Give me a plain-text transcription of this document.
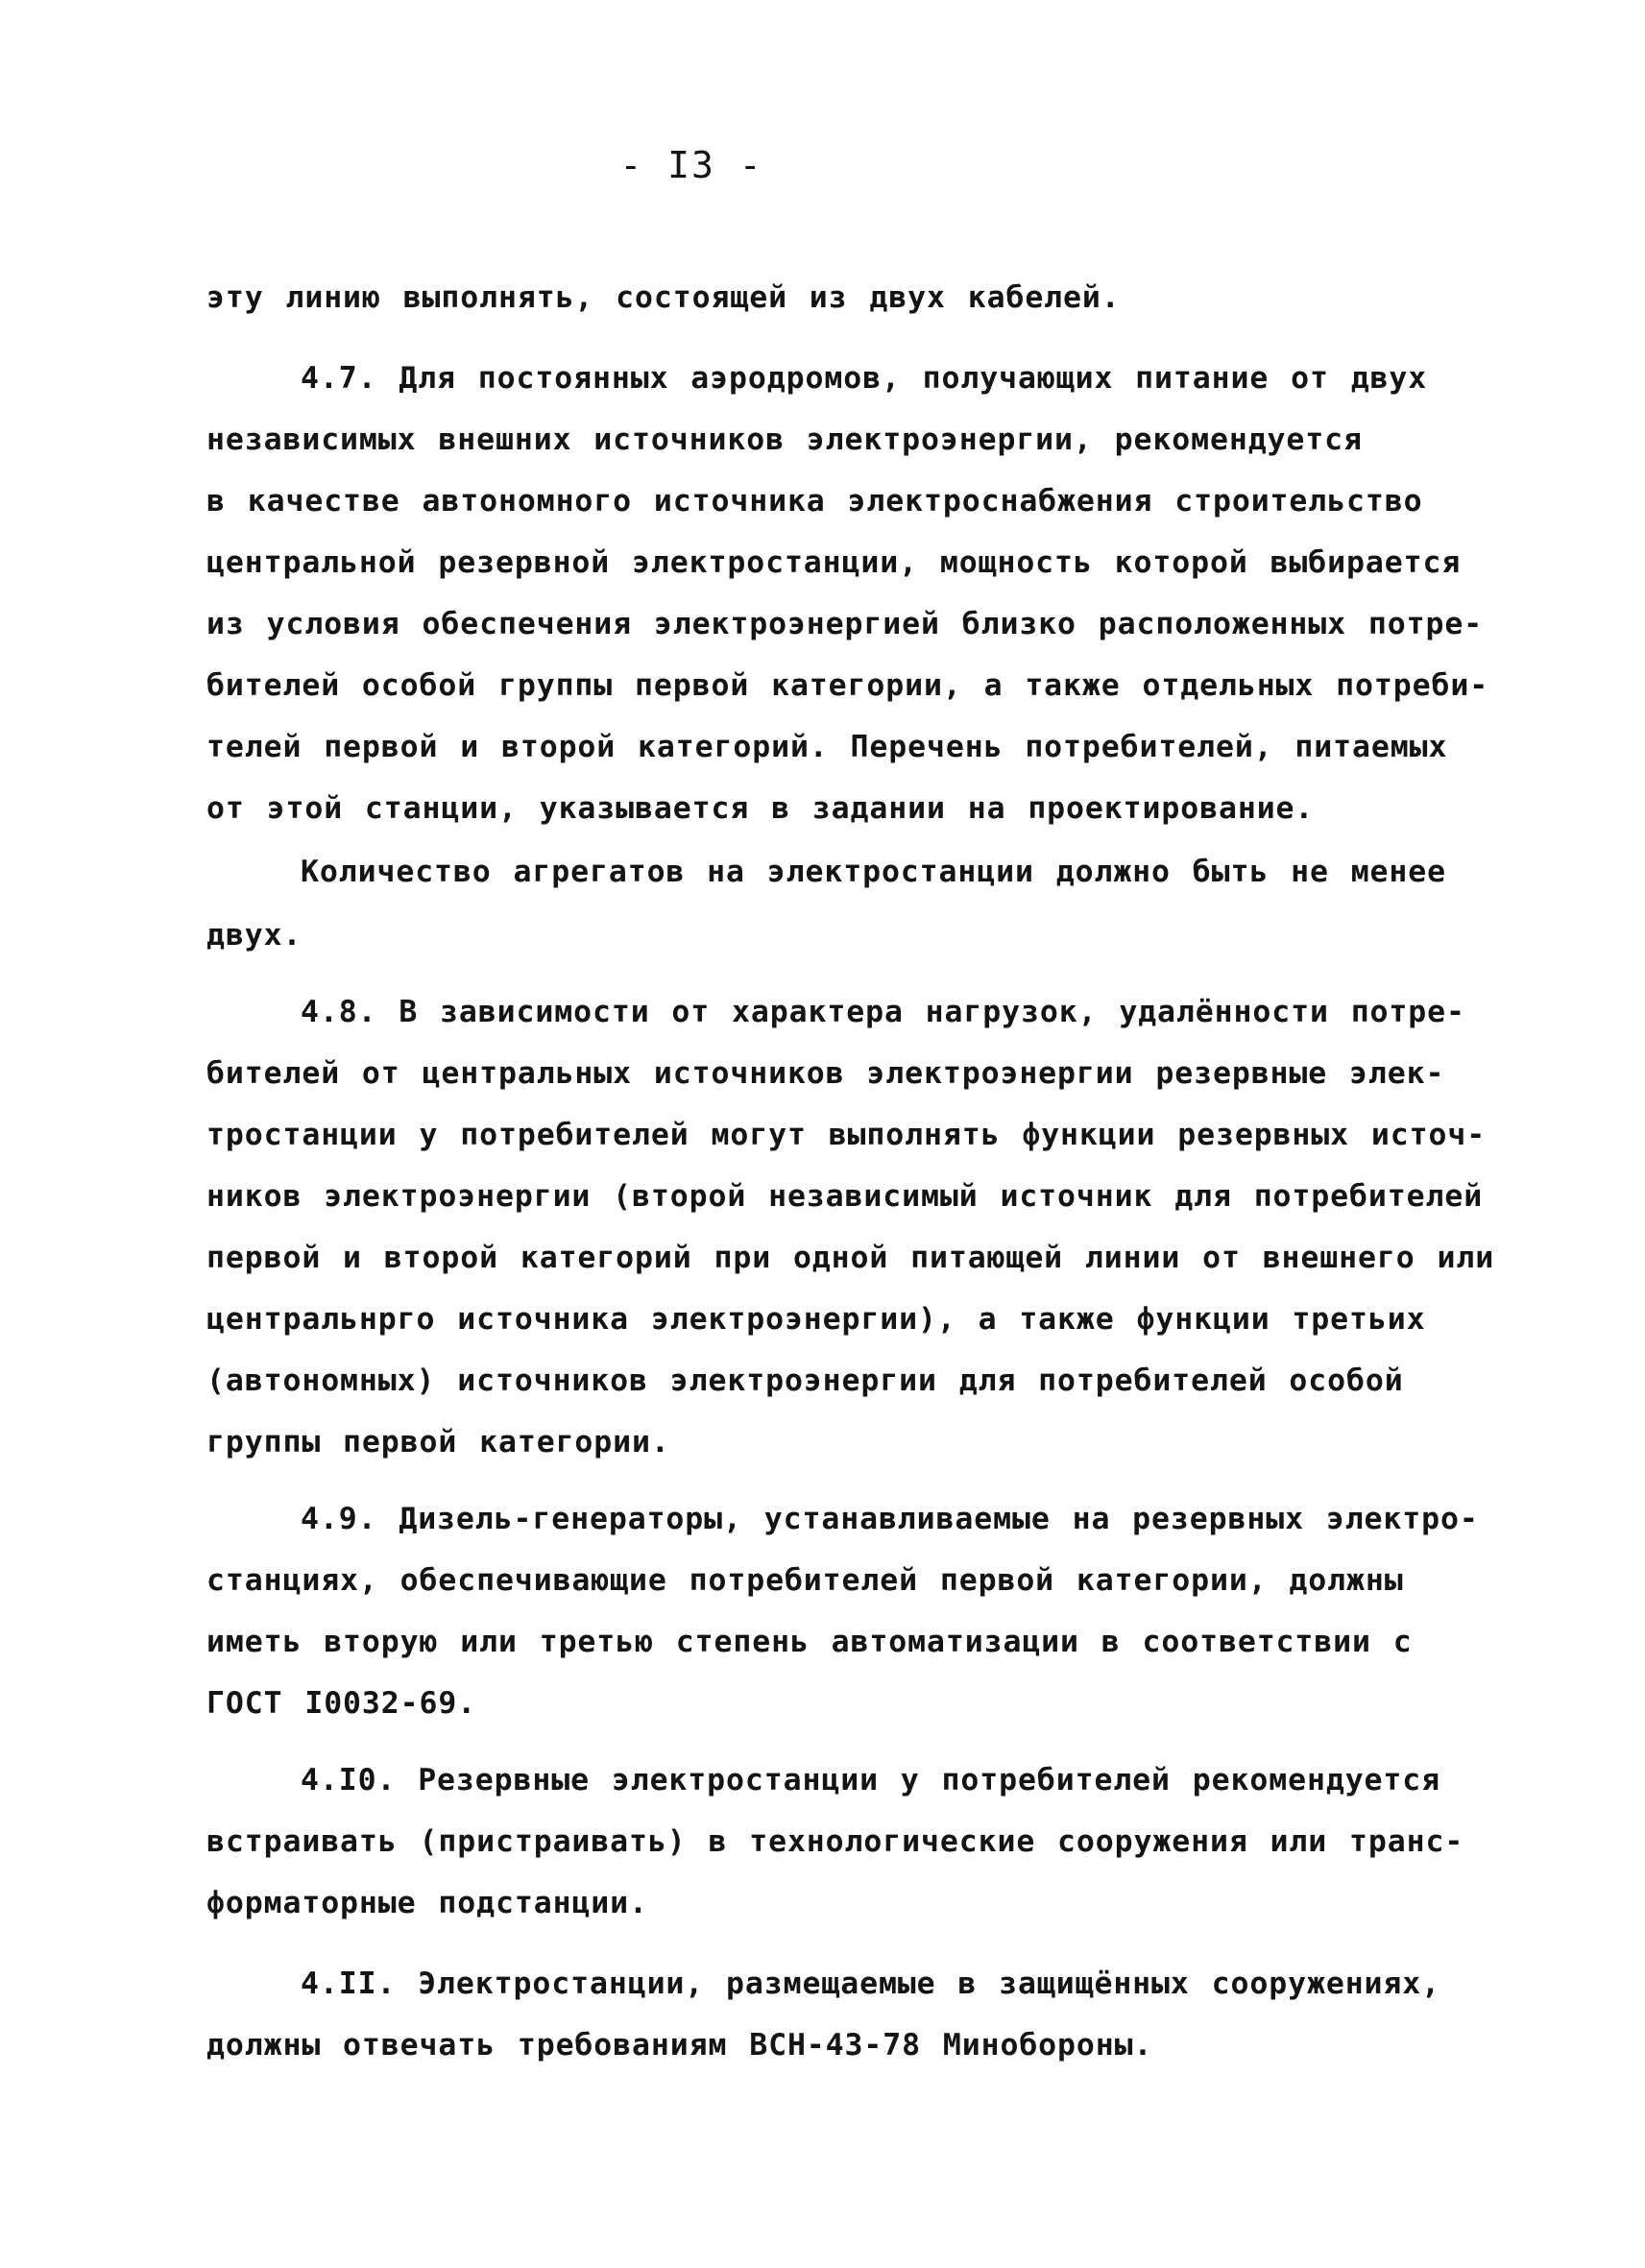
- I3 -
эту линию выполнять, состоящей из двух кабелей.
4.7. Для постоянных аэродромов, получающих питание от двух
независимых внешних источников электроэнергии, рекомендуется
в качестве автономного источника электроснабжения строительство
центральной резервной электростанции, мощность которой выбирается
из условия обеспечения электроэнергией близко расположенных потре-
бителей особой группы первой категории, а также отдельных потреби-
телей первой и второй категорий. Перечень потребителей, питаемых
от этой станции, указывается в задании на проектирование.
Количество агрегатов на электростанции должно быть не менее
двух.
4.8. В зависимости от характера нагрузок, удалённости потре-
бителей от центральных источников электроэнергии резервные элек-
тростанции у потребителей могут выполнять функции резервных источ-
ников электроэнергии (второй независимый источник для потребителей
первой и второй категорий при одной питающей линии от внешнего или
центральнрго источника электроэнергии), а также функции третьих
(автономных) источников электроэнергии для потребителей особой
группы первой категории.
4.9. Дизель-генераторы, устанавливаемые на резервных электро-
станциях, обеспечивающие потребителей первой категории, должны
иметь вторую или третью степень автоматизации в соответствии с
ГОСТ I0032-69.
4.I0. Резервные электростанции у потребителей рекомендуется
встраивать (пристраивать) в технологические сооружения или транс-
форматорные подстанции.
4.II. Электростанции, размещаемые в защищённых сооружениях,
должны отвечать требованиям ВСН-43-78 Минобороны.
